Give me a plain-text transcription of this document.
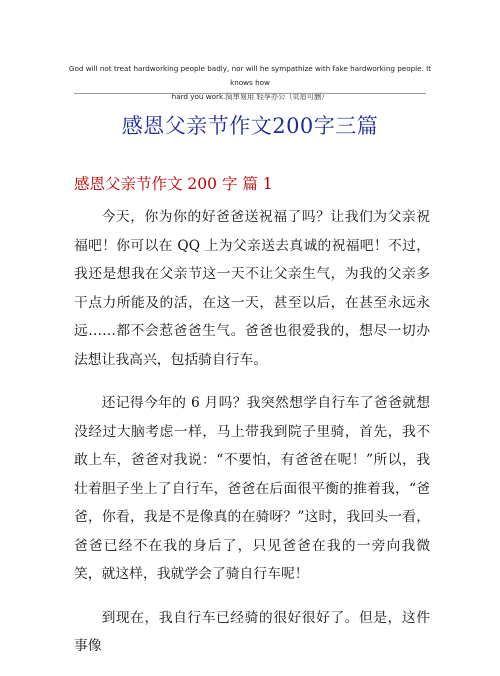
God will not treat hardworking people badly, nor will he sympathize with fake hardworking people. It knows how
hard you work.简单易用 轻享办公（页眉可删）
感恩父亲节作文200字三篇
感恩父亲节作文 200 字 篇 1

今天，你为你的好爸爸送祝福了吗？让我们为父亲祝福吧！你可以在 QQ 上为父亲送去真诚的祝福吧！不过，我还是想我在父亲节这一天不让父亲生气，为我的父亲多干点力所能及的活，在这一天，甚至以后，在甚至永远永远……都不会惹爸爸生气。爸爸也很爱我的，想尽一切办法想让我高兴，包括骑自行车。

还记得今年的 6 月吗？我突然想学自行车了爸爸就想没经过大脑考虑一样，马上带我到院子里骑，首先，我不敢上车，爸爸对我说：“不要怕，有爸爸在呢！”所以，我壮着胆子坐上了自行车，爸爸在后面很平衡的推着我，“爸爸，你看，我是不是像真的在骑呀？”这时，我回头一看，爸爸已经不在我的身后了，只见爸爸在我的一旁向我微笑，就这样，我就学会了骑自行车呢！

到现在，我自行车已经骑的很好很好了。但是，这件事像
